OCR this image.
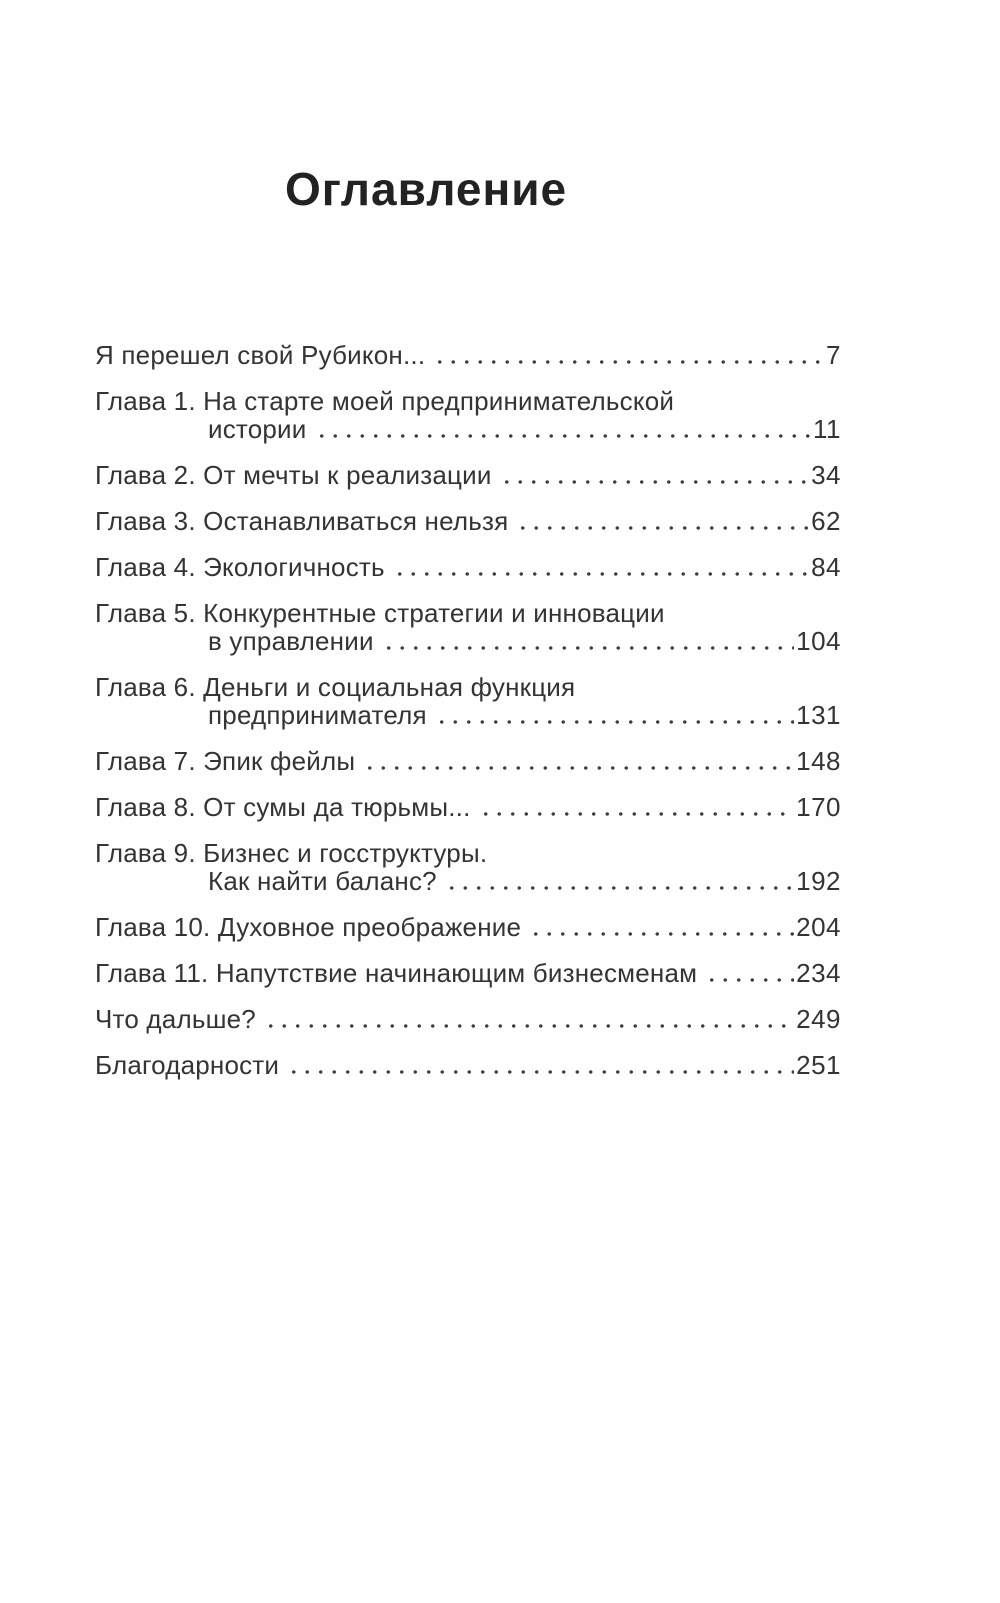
Оглавление
Я перешел свой Рубикон...	7
Глава 1. На старте моей предпринимательской
истории	11
Глава 2. От мечты к реализации	34
Глава 3. Останавливаться нельзя	62
Глава 4. Экологичность	84
Глава 5. Конкурентные стратегии и инновации
в управлении	104
Глава 6. Деньги и социальная функция
предпринимателя	131
Глава 7. Эпик фейлы	148
Глава 8. От сумы да тюрьмы...	170
Глава 9. Бизнес и госструктуры.
Как найти баланс?	192
Глава 10. Духовное преображение	204
Глава 11. Напутствие начинающим бизнесменам	234
Что дальше?	249
Благодарности	251
